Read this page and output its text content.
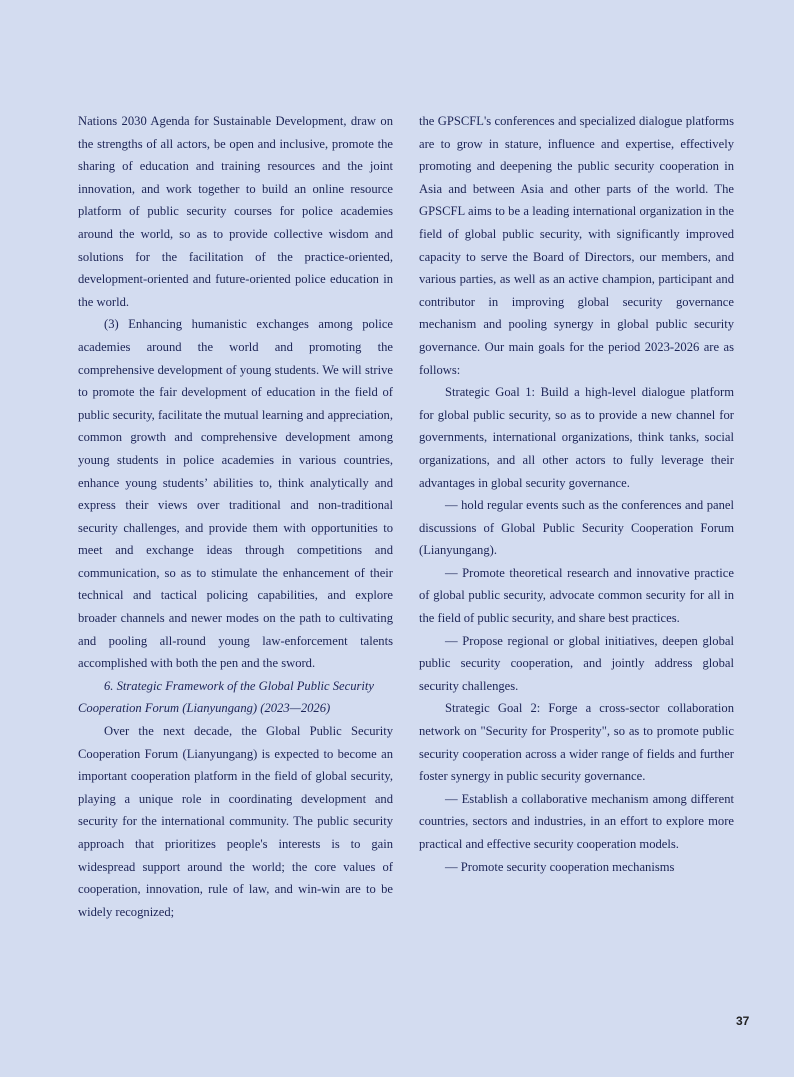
Nations 2030 Agenda for Sustainable Development, draw on the strengths of all actors, be open and inclusive, promote the sharing of education and training resources and the joint innovation, and work together to build an online resource platform of public security courses for police academies around the world, so as to provide collective wisdom and solutions for the facilitation of the practice-oriented, development-oriented and future-oriented police education in the world.

(3) Enhancing humanistic exchanges among police academies around the world and promoting the comprehensive development of young students. We will strive to promote the fair development of education in the field of public security, facilitate the mutual learning and appreciation, common growth and comprehensive development among young students in police academies in various countries, enhance young students’ abilities to, think analytically and express their views over traditional and non-traditional security challenges, and provide them with opportunities to meet and exchange ideas through competitions and communication, so as to stimulate the enhancement of their technical and tactical policing capabilities, and explore broader channels and newer modes on the path to cultivating and pooling all-round young law-enforcement talents accomplished with both the pen and the sword.

6. Strategic Framework of the Global Public Security Cooperation Forum (Lianyungang) (2023—2026)

Over the next decade, the Global Public Security Cooperation Forum (Lianyungang) is expected to become an important cooperation platform in the field of global security, playing a unique role in coordinating development and security for the international community. The public security approach that prioritizes people's interests is to gain widespread support around the world; the core values of cooperation, innovation, rule of law, and win-win are to be widely recognized;

the GPSCFL's conferences and specialized dialogue platforms are to grow in stature, influence and expertise, effectively promoting and deepening the public security cooperation in Asia and between Asia and other parts of the world. The GPSCFL aims to be a leading international organization in the field of global public security, with significantly improved capacity to serve the Board of Directors, our members, and various parties, as well as an active champion, participant and contributor in improving global security governance mechanism and pooling synergy in global public security governance. Our main goals for the period 2023-2026 are as follows:

Strategic Goal 1: Build a high-level dialogue platform for global public security, so as to provide a new channel for governments, international organizations, think tanks, social organizations, and all other actors to fully leverage their advantages in global security governance.

— hold regular events such as the conferences and panel discussions of Global Public Security Cooperation Forum (Lianyungang).

— Promote theoretical research and innovative practice of global public security, advocate common security for all in the field of public security, and share best practices.

— Propose regional or global initiatives, deepen global public security cooperation, and jointly address global security challenges.

Strategic Goal 2: Forge a cross-sector collaboration network on "Security for Prosperity", so as to promote public security cooperation across a wider range of fields and further foster synergy in public security governance.

— Establish a collaborative mechanism among different countries, sectors and industries, in an effort to explore more practical and effective security cooperation models.

— Promote security cooperation mechanisms

37
